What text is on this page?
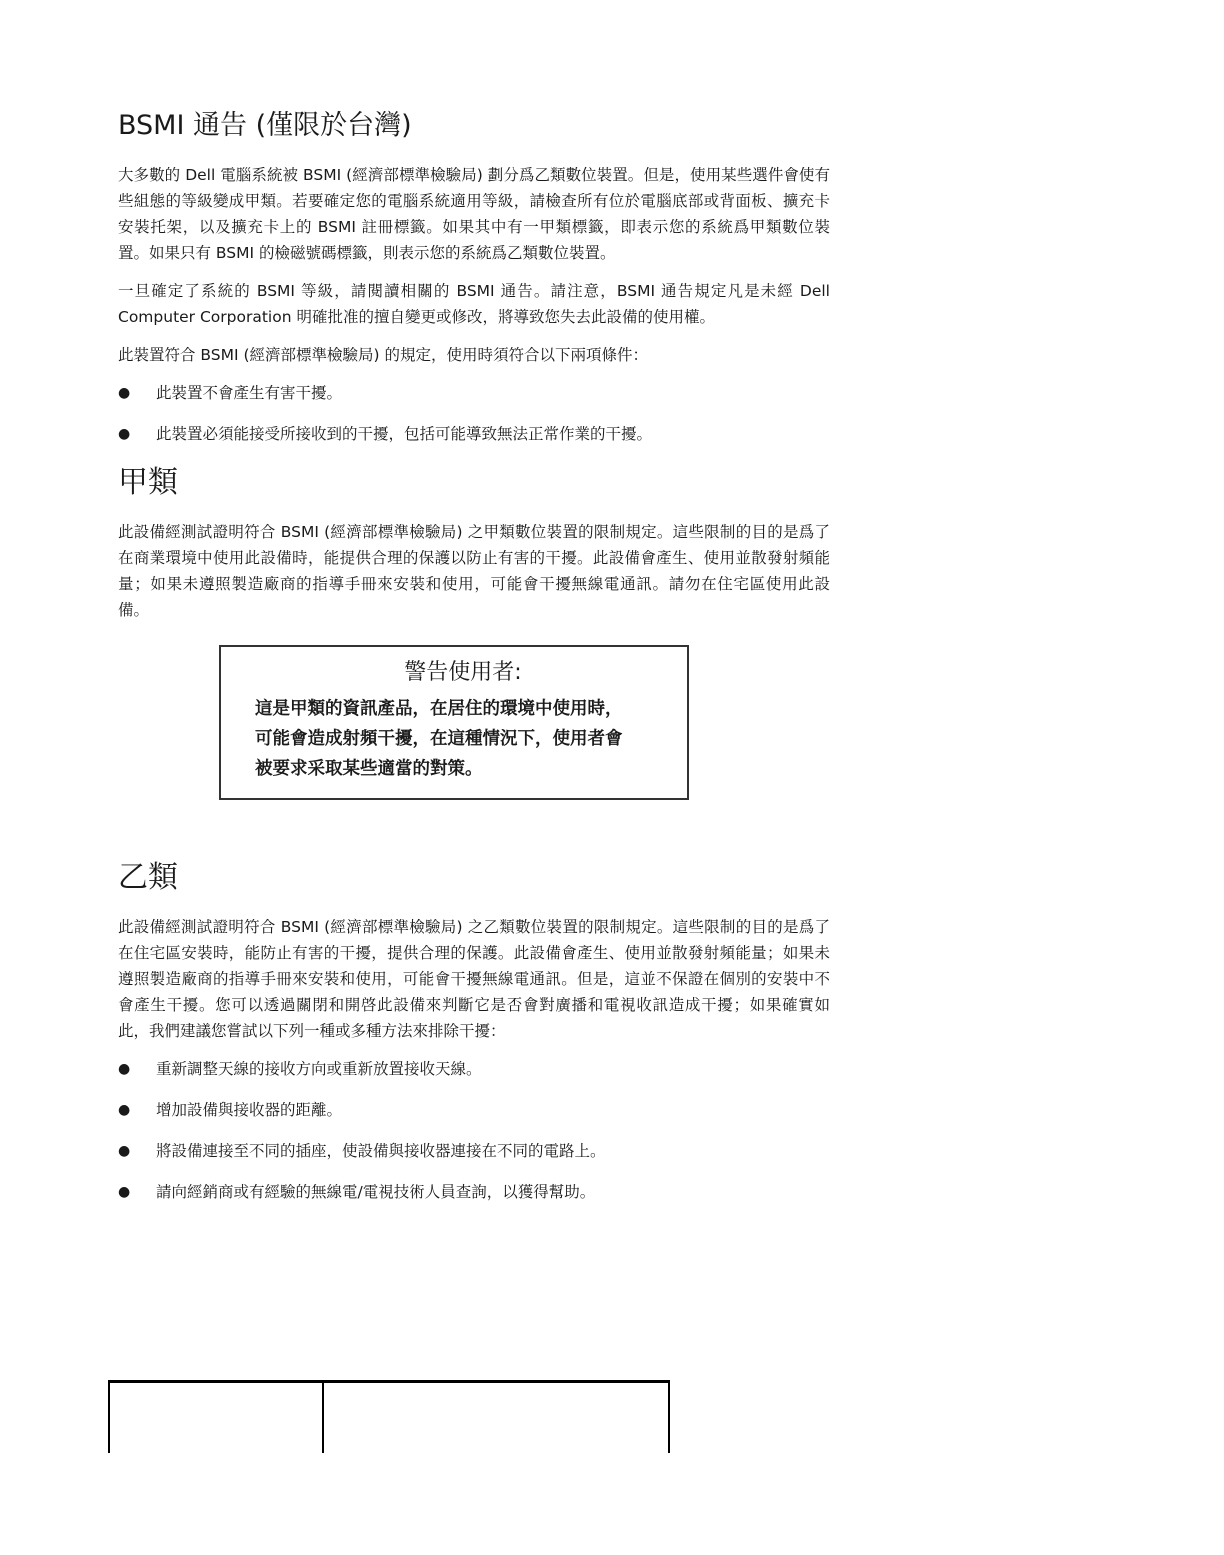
BSMI 通告 (僅限於台灣)

大多數的 Dell 電腦系統被 BSMI (經濟部標準檢驗局) 劃分爲乙類數位裝置。但是，使用某些選件會使有些組態的等級變成甲類。若要確定您的電腦系統適用等級，請檢查所有位於電腦底部或背面板、擴充卡安裝托架，以及擴充卡上的 BSMI 註冊標籤。如果其中有一甲類標籤，即表示您的系統爲甲類數位裝置。如果只有 BSMI 的檢磁號碼標籤，則表示您的系統爲乙類數位裝置。

一旦確定了系統的 BSMI 等級，請閱讀相關的 BSMI 通告。請注意，BSMI 通告規定凡是未經 Dell Computer Corporation 明確批准的擅自變更或修改，將導致您失去此設備的使用權。

此裝置符合 BSMI (經濟部標準檢驗局) 的規定，使用時須符合以下兩項條件：

● 此裝置不會產生有害干擾。
● 此裝置必須能接受所接收到的干擾，包括可能導致無法正常作業的干擾。
甲類

此設備經測試證明符合 BSMI (經濟部標準檢驗局) 之甲類數位裝置的限制規定。這些限制的目的是爲了在商業環境中使用此設備時，能提供合理的保護以防止有害的干擾。此設備會產生、使用並散發射頻能量；如果未遵照製造廠商的指導手冊來安裝和使用，可能會干擾無線電通訊。請勿在住宅區使用此設備。

警告使用者:

這是甲類的資訊產品，在居住的環境中使用時，
可能會造成射頻干擾，在這種情況下，使用者會
被要求采取某些適當的對策。

乙類

此設備經測試證明符合 BSMI (經濟部標準檢驗局) 之乙類數位裝置的限制規定。這些限制的目的是爲了在住宅區安裝時，能防止有害的干擾，提供合理的保護。此設備會產生、使用並散發射頻能量；如果未遵照製造廠商的指導手冊來安裝和使用，可能會干擾無線電通訊。但是，這並不保證在個別的安裝中不會產生干擾。您可以透過關閉和開啓此設備來判斷它是否會對廣播和電視收訊造成干擾；如果確實如此，我們建議您嘗試以下列一種或多種方法來排除干擾：

● 重新調整天線的接收方向或重新放置接收天線。
● 增加設備與接收器的距離。
● 將設備連接至不同的插座，使設備與接收器連接在不同的電路上。
● 請向經銷商或有經驗的無線電/電視技術人員查詢，以獲得幫助。
